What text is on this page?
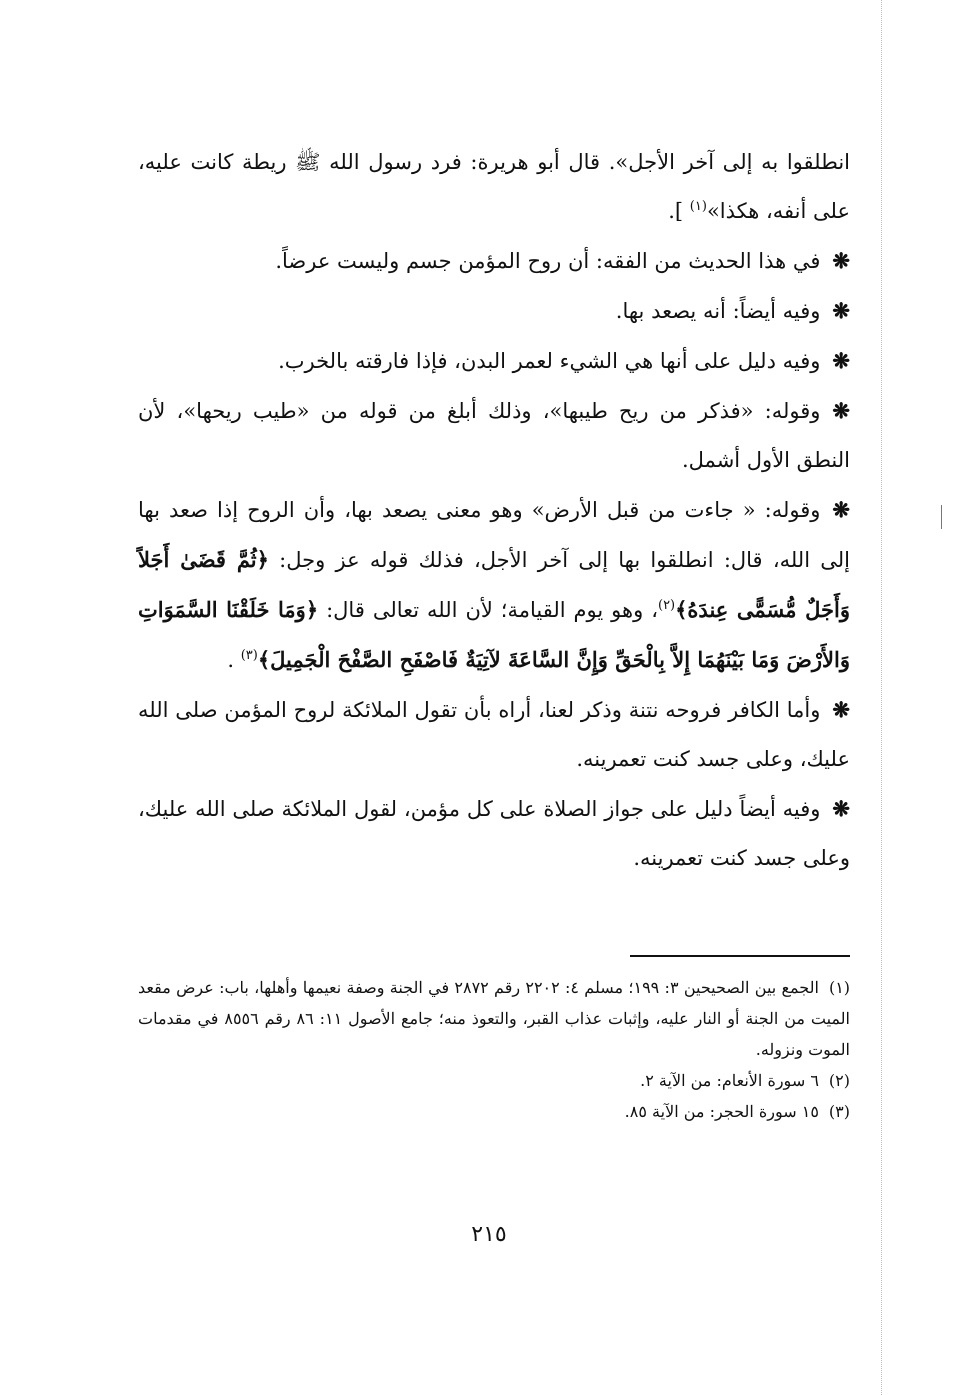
انطلقوا به إلى آخر الأجل». قال أبو هريرة: فرد رسول الله ﷺ ريطة كانت عليه، على أنفه، هكذا»$^{(١)}$ ].

❋في هذا الحديث من الفقه: أن روح المؤمن جسم وليست عرضاً.

❋وفيه أيضاً: أنه يصعد بها.

❋وفيه دليل على أنها هي الشيء لعمر البدن، فإذا فارقته بالخرب.

❋وقوله: «فذكر من ريح طيبها»، وذلك أبلغ من قوله من «طيب ريحها»، لأن النطق الأول أشمل.

❋وقوله: « جاءت من قبل الأرض» وهو معنى يصعد بها، وأن الروح إذا صعد بها إلى الله، قال: انطلقوا بها إلى آخر الأجل، فذلك قوله عز وجل: ﴿ثُمَّ قَضَىٰ أَجَلاً وَأَجَلٌ مُّسَمًّى عِندَهُ﴾$^{(٢)}$، وهو يوم القيامة؛ لأن الله تعالى قال: ﴿وَمَا خَلَقْنَا السَّمَوَاتِ وَالأَرْضَ وَمَا بَيْنَهُمَا إِلاَّ بِالْحَقِّ وَإِنَّ السَّاعَةَ لآتِيَةٌ فَاصْفَحِ الصَّفْحَ الْجَمِيلَ﴾$^{(٣)}$ .

❋وأما الكافر فروحه نتنة وذكر لعنا، أراه بأن تقول الملائكة لروح المؤمن صلى الله عليك، وعلى جسد كنت تعمرينه.

❋وفيه أيضاً دليل على جواز الصلاة على كل مؤمن، لقول الملائكة صلى الله عليك، وعلى جسد كنت تعمرينه.

(١)الجمع بين الصحيحين ٣: ١٩٩؛ مسلم ٤: ٢٢٠٢ رقم ٢٨٧٢ في الجنة وصفة نعيمها وأهلها، باب: عرض مقعد الميت من الجنة أو النار عليه، وإثبات عذاب القبر، والتعوذ منه؛ جامع الأصول ١١: ٨٦ رقم ٨٥٥٦ في مقدمات الموت ونزوله.

(٢)٦ سورة الأنعام: من الآية ٢.

(٣)١٥ سورة الحجر: من الآية ٨٥.

٢١٥
